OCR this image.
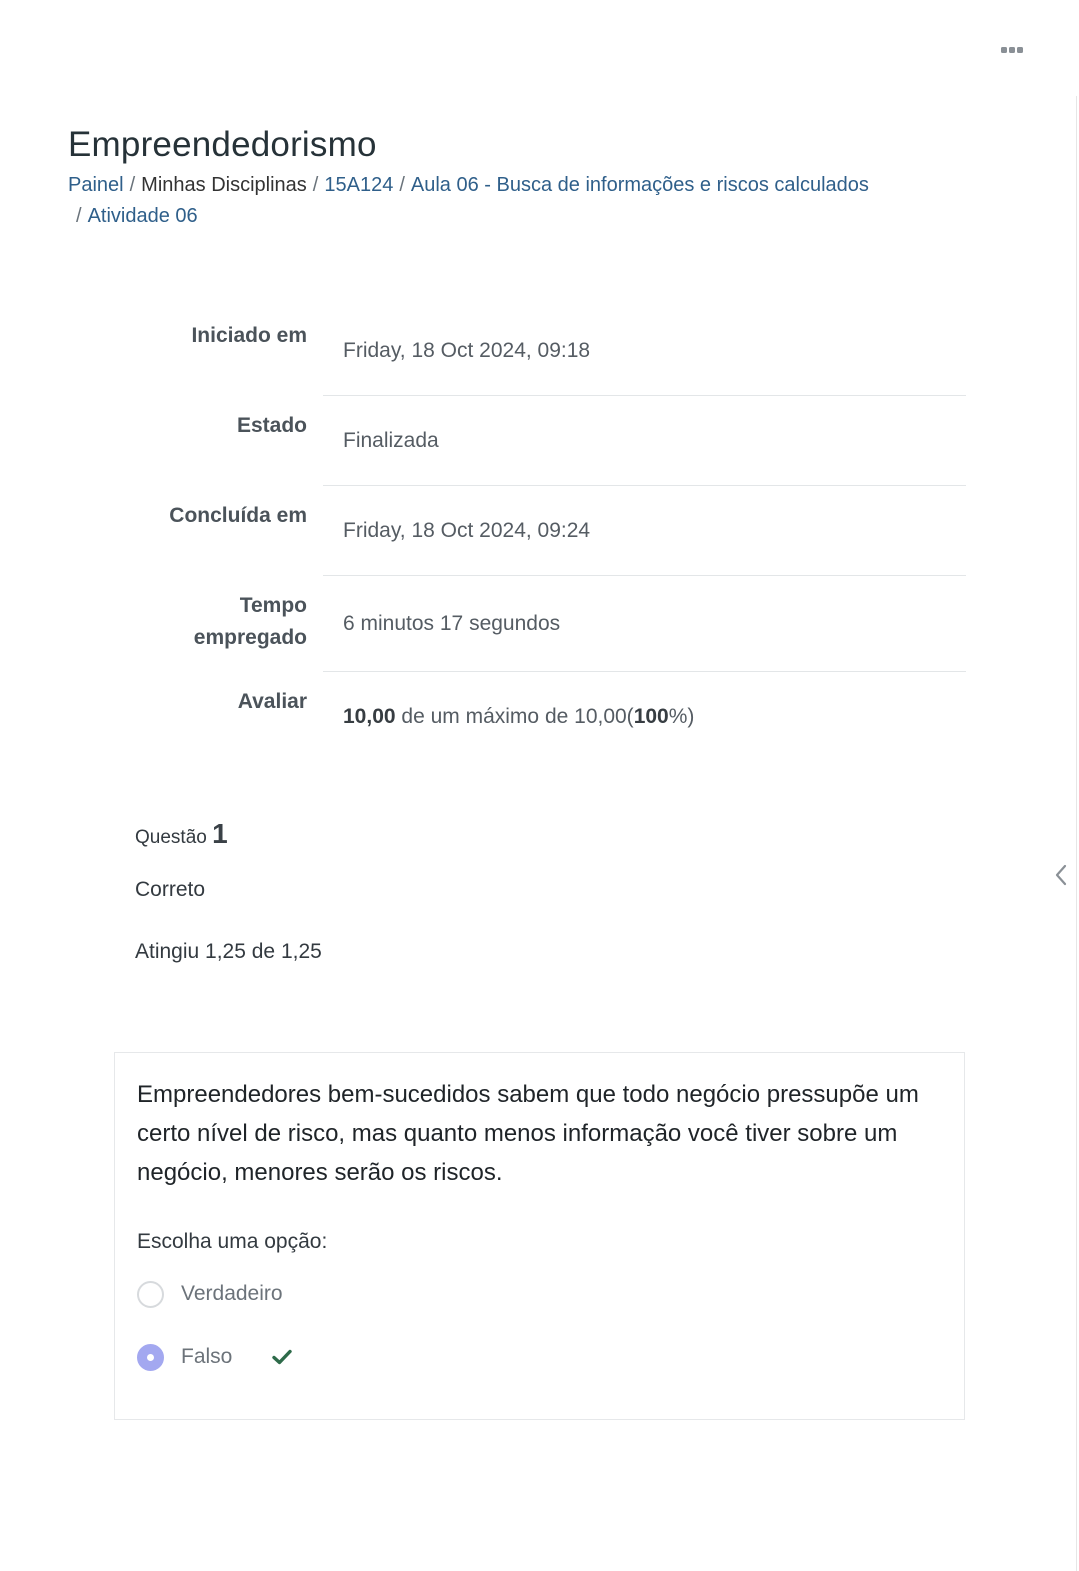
Empreendedorismo
Painel / Minhas Disciplinas / 15A124 / Aula 06 - Busca de informações e riscos calculados
/ Atividade 06
Iniciado em
Friday, 18 Oct 2024, 09:18
Estado
Finalizada
Concluída em
Friday, 18 Oct 2024, 09:24
Tempo empregado
6 minutos 17 segundos
Avaliar
10,00 de um máximo de 10,00(100%)
Questão 1
Correto
Atingiu 1,25 de 1,25

Empreendedores bem-sucedidos sabem que todo negócio pressupõe um certo nível de risco, mas quanto menos informação você tiver sobre um negócio, menores serão os riscos.

Escolha uma opção:
Verdadeiro
Falso
